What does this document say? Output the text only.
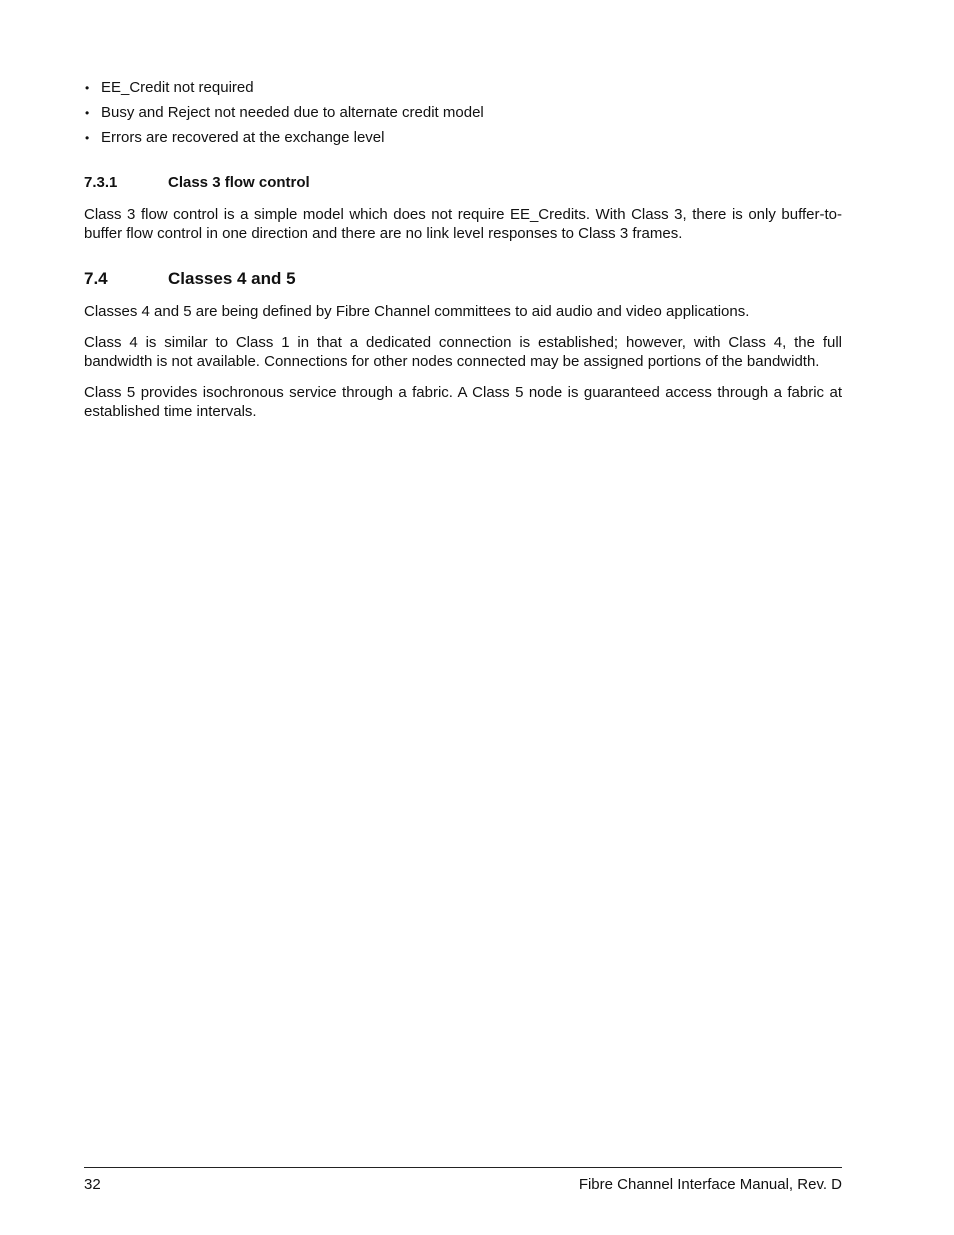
• EE_Credit not required
• Busy and Reject not needed due to alternate credit model
• Errors are recovered at the exchange level
7.3.1	Class 3 flow control

Class 3 flow control is a simple model which does not require EE_Credits. With Class 3, there is only buffer-to-buffer flow control in one direction and there are no link level responses to Class 3 frames.

7.4	Classes 4 and 5

Classes 4 and 5 are being defined by Fibre Channel committees to aid audio and video applications.

Class 4 is similar to Class 1 in that a dedicated connection is established; however, with Class 4, the full bandwidth is not available. Connections for other nodes connected may be assigned portions of the bandwidth.

Class 5 provides isochronous service through a fabric. A Class 5 node is guaranteed access through a fabric at established time intervals.

32	Fibre Channel Interface Manual, Rev. D
